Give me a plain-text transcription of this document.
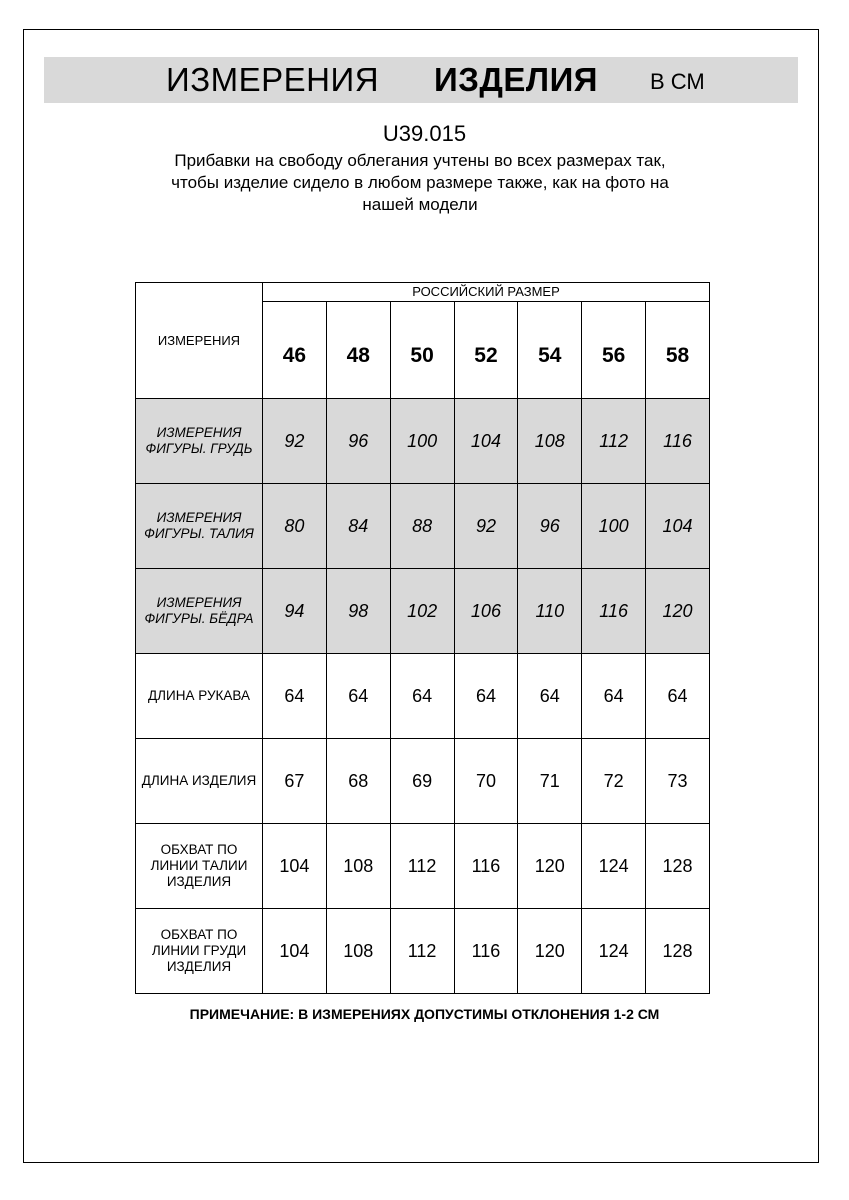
ИЗМЕРЕНИЯ ИЗДЕЛИЯ В СМ
U39.015
Прибавки на свободу облегания учтены во всех размерах так,
чтобы изделие сидело в любом размере также, как на фото на
нашей модели
ИЗМЕРЕНИЯ	РОССИЙСКИЙ РАЗМЕР						
	46	48	50	52	54	56	58

ИЗМЕРЕНИЯ
ФИГУРЫ. ГРУДЬ	92	96	100	104	108	112	116

ИЗМЕРЕНИЯ
ФИГУРЫ. ТАЛИЯ	80	84	88	92	96	100	104

ИЗМЕРЕНИЯ
ФИГУРЫ. БЁДРА	94	98	102	106	110	116	120

ДЛИНА РУКАВА	64	64	64	64	64	64	64

ДЛИНА ИЗДЕЛИЯ	67	68	69	70	71	72	73

ОБХВАТ ПО
ЛИНИИ ТАЛИИ
ИЗДЕЛИЯ	104	108	112	116	120	124	128

ОБХВАТ ПО
ЛИНИИ ГРУДИ
ИЗДЕЛИЯ	104	108	112	116	120	124	128
ПРИМЕЧАНИЕ: В ИЗМЕРЕНИЯХ ДОПУСТИМЫ ОТКЛОНЕНИЯ 1-2 СМ
